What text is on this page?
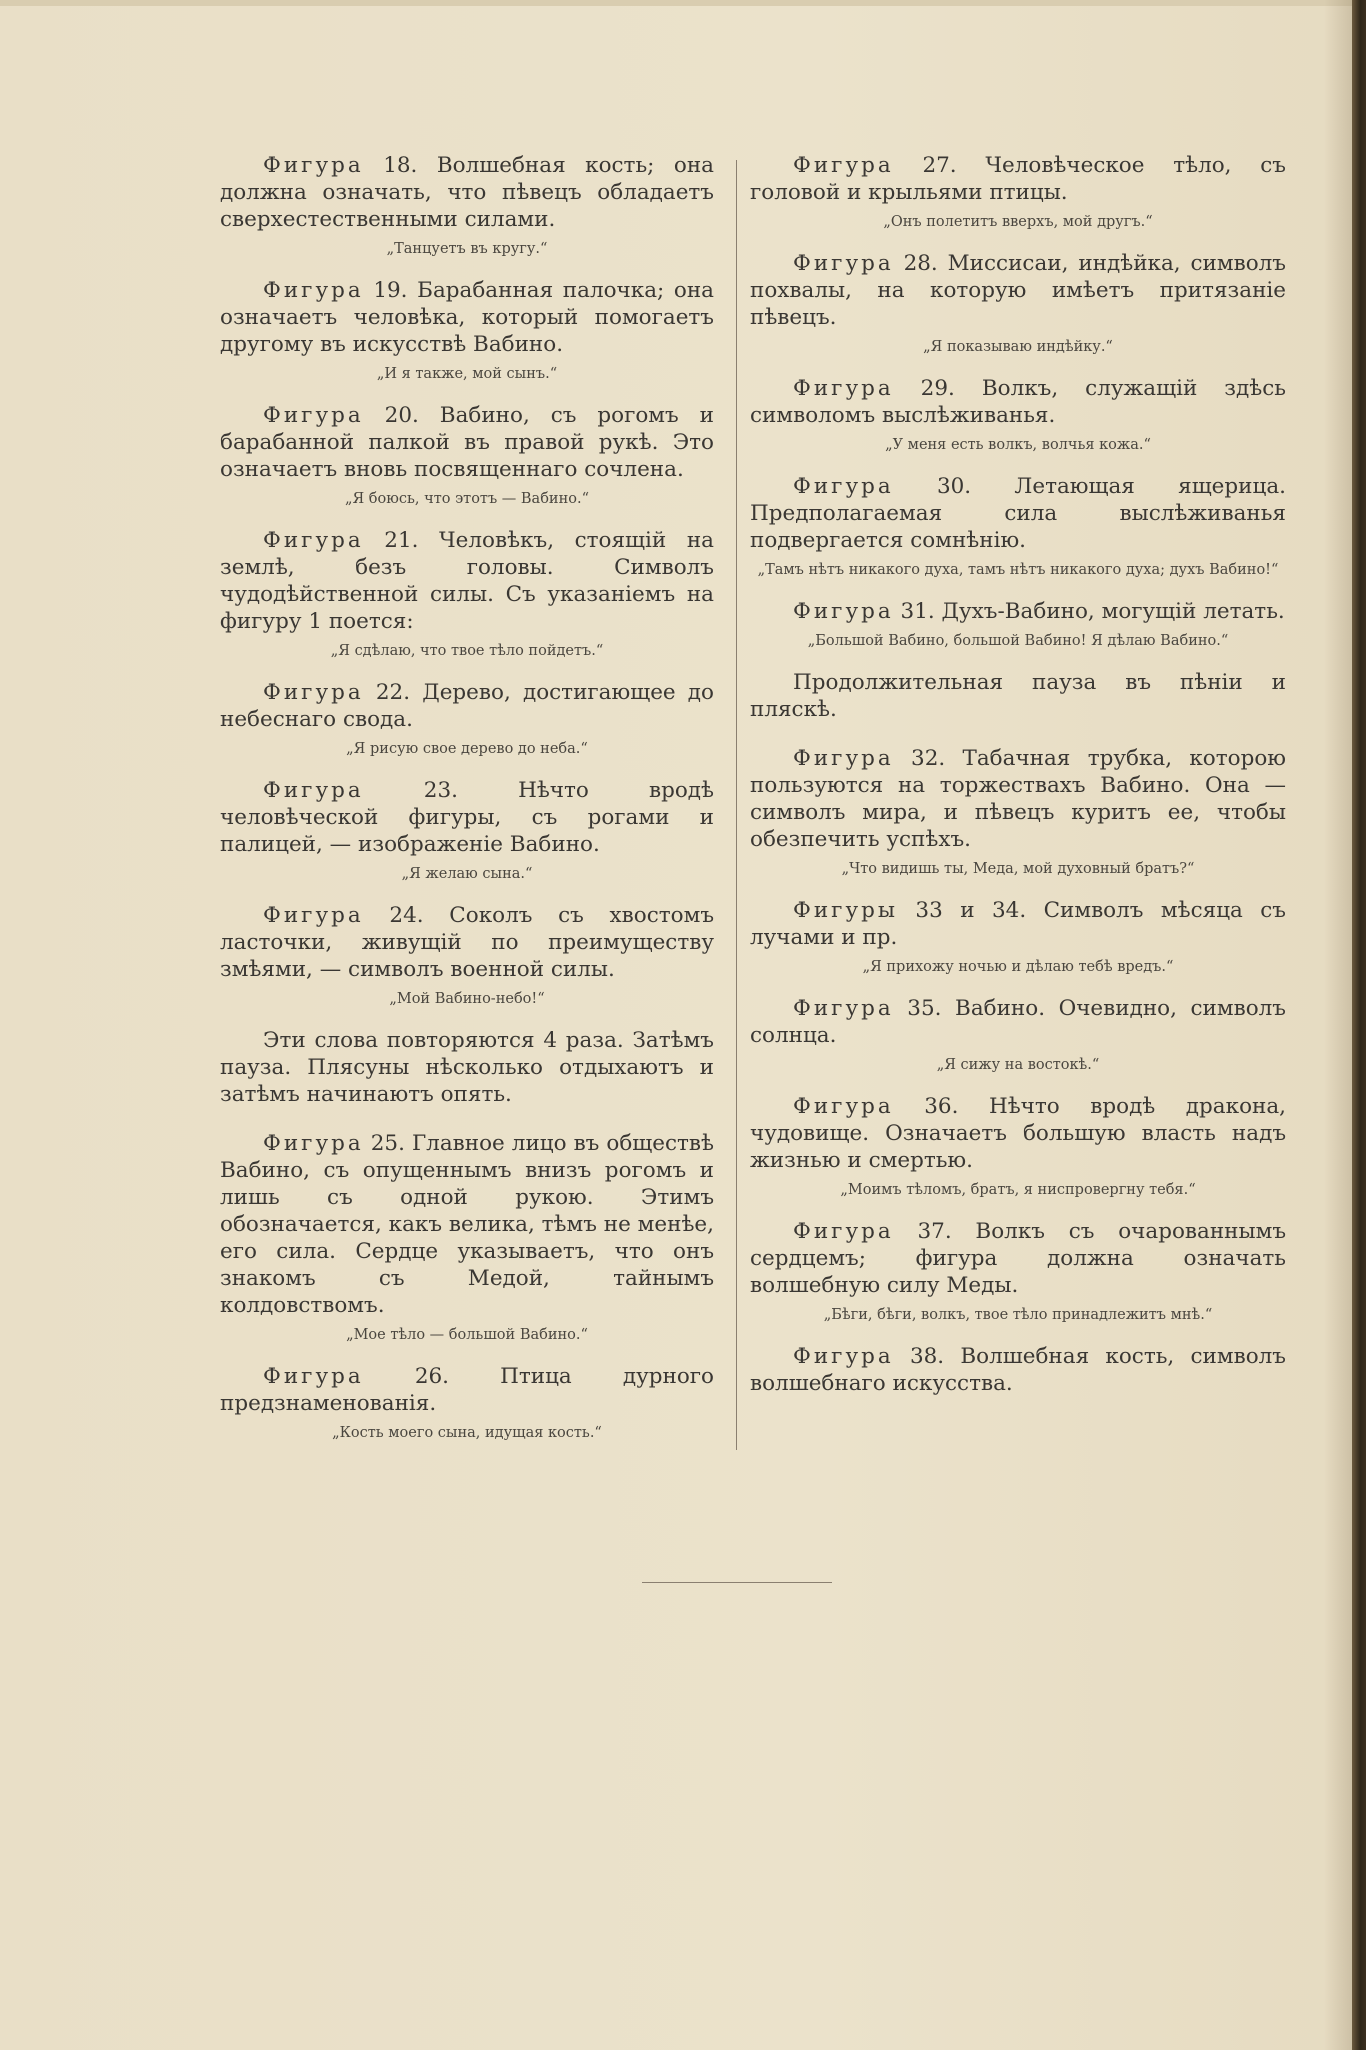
Фигура 18. Волшебная кость; она должна означать, что пѣвецъ обладаетъ сверхестественными силами.

„Танцуетъ въ кругу.“

Фигура 19. Барабанная палочка; она означаетъ человѣка, который помогаетъ другому въ искусствѣ Вабино.

„И я также, мой сынъ.“

Фигура 20. Вабино, съ рогомъ и барабанной палкой въ правой рукѣ. Это означаетъ вновь посвященнаго сочлена.

„Я боюсь, что этотъ — Вабино.“

Фигура 21. Человѣкъ, стоящій на землѣ, безъ головы. Символъ чудодѣйственной силы. Съ указаніемъ на фигуру 1 поется:

„Я сдѣлаю, что твое тѣло пойдетъ.“

Фигура 22. Дерево, достигающее до небеснаго свода.

„Я рисую свое дерево до неба.“

Фигура	23. Нѣчто вродѣ человѣческой фигуры, съ рогами и палицей, — изображеніе Вабино.

„Я желаю сына.“

Фигура 24. Соколъ съ хвостомъ ласточки, живущій по преимуществу змѣями, — символъ военной силы.

„Мой Вабино-небо!“

Эти слова повторяются 4 раза. Затѣмъ пауза. Плясуны нѣсколько отдыхаютъ и затѣмъ начинаютъ опять.

Фигура 25. Главное лицо въ обществѣ Вабино, съ опущеннымъ внизъ рогомъ и лишь съ одной рукою. Этимъ обозначается, какъ велика, тѣмъ не менѣе, его сила. Сердце указываетъ, что онъ знакомъ съ Медой, тайнымъ колдовствомъ.

„Мое тѣло — большой Вабино.“

Фигура 26. Птица дурного предзнаменованія.

„Кость моего сына, идущая кость.“

Фигура 27. Человѣческое тѣло, съ головой и крыльями птицы.

„Онъ полетитъ вверхъ, мой другъ.“

Фигура 28. Миссисаи, индѣйка, символъ похвалы, на которую имѣетъ притязаніе пѣвецъ.

„Я показываю индѣйку.“

Фигура 29. Волкъ, служащій здѣсь символомъ выслѣживанья.

„У меня есть волкъ, волчья кожа.“

Фигура 30. Летающая ящерица. Предполагаемая сила выслѣживанья подвергается сомнѣнію.

„Тамъ нѣтъ никакого духа, тамъ нѣтъ никакого духа; духъ Вабино!“

Фигура 31. Духъ-Вабино, могущій летать.

„Большой Вабино, большой Вабино! Я дѣлаю Вабино.“

Продолжительная пауза въ пѣніи и пляскѣ.

Фигура 32. Табачная трубка, которою пользуются на торжествахъ Вабино. Она — символъ мира, и пѣвецъ куритъ ее, чтобы обезпечить успѣхъ.

„Что видишь ты, Меда, мой духовный братъ?“

Фигуры 33 и 34. Символъ мѣсяца съ лучами и пр.

„Я прихожу ночью и дѣлаю тебѣ вредъ.“

Фигура 35. Вабино. Очевидно, символъ солнца.

„Я сижу на востокѣ.“

Фигура 36. Нѣчто вродѣ дракона, чудовище. Означаетъ большую власть надъ жизнью и смертью.

„Моимъ тѣломъ, братъ, я ниспровергну тебя.“

Фигура 37. Волкъ съ очарованнымъ сердцемъ; фигура должна означать волшебную силу Меды.

„Бѣги, бѣги, волкъ, твое тѣло принадлежитъ мнѣ.“

Фигура 38. Волшебная кость, символъ волшебнаго искусства.
